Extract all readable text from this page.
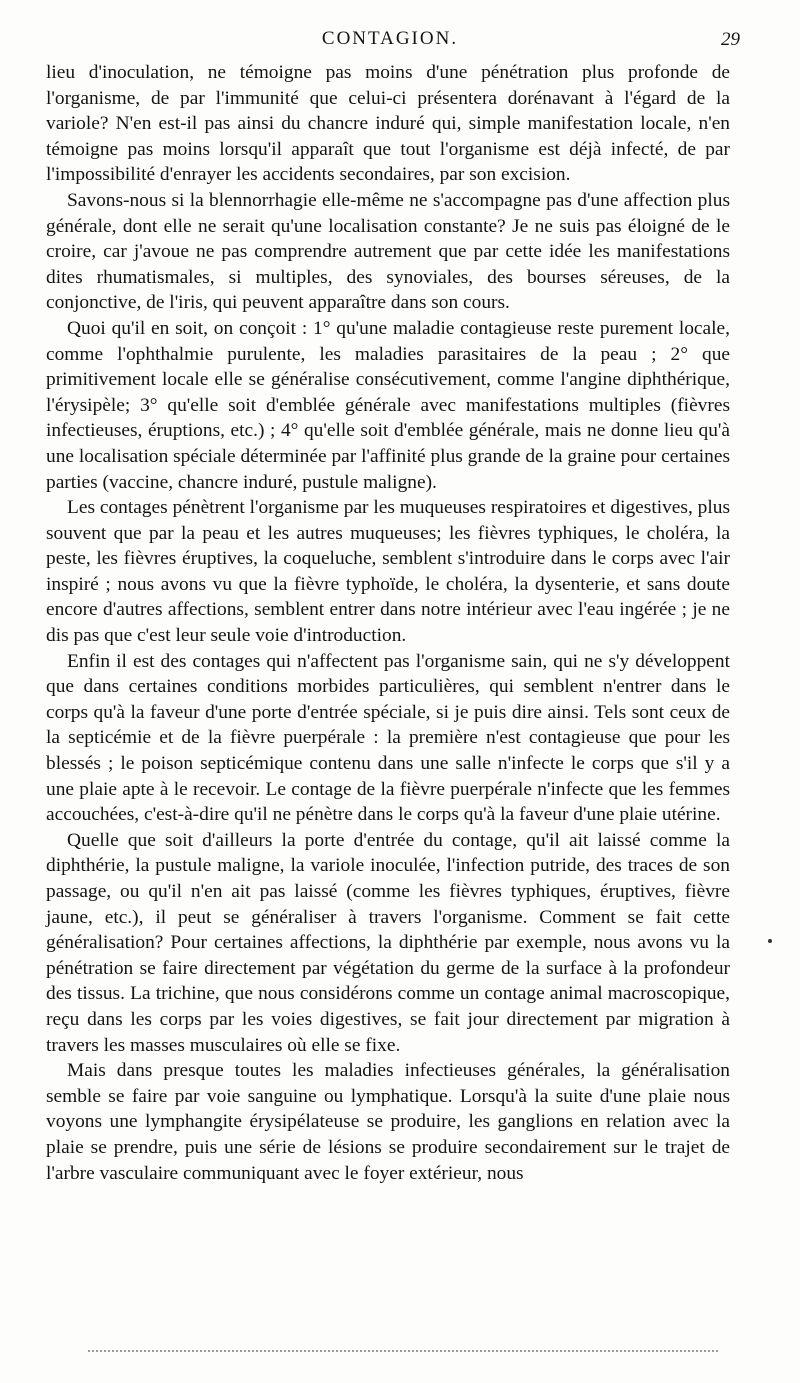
CONTAGION.	29

lieu d'inoculation, ne témoigne pas moins d'une pénétration plus profonde de l'organisme, de par l'immunité que celui-ci présentera dorénavant à l'égard de la variole? N'en est-il pas ainsi du chancre induré qui, simple manifestation locale, n'en témoigne pas moins lorsqu'il apparaît que tout l'organisme est déjà infecté, de par l'impossibilité d'enrayer les accidents secondaires, par son excision.

Savons-nous si la blennorrhagie elle-même ne s'accompagne pas d'une affection plus générale, dont elle ne serait qu'une localisation constante? Je ne suis pas éloigné de le croire, car j'avoue ne pas comprendre autrement que par cette idée les manifestations dites rhumatismales, si multiples, des synoviales, des bourses séreuses, de la conjonctive, de l'iris, qui peuvent apparaître dans son cours.

Quoi qu'il en soit, on conçoit : 1° qu'une maladie contagieuse reste purement locale, comme l'ophthalmie purulente, les maladies parasitaires de la peau ; 2° que primitivement locale elle se généralise consécutivement, comme l'angine diphthérique, l'érysipèle; 3° qu'elle soit d'emblée générale avec manifestations multiples (fièvres infectieuses, éruptions, etc.) ; 4° qu'elle soit d'emblée générale, mais ne donne lieu qu'à une localisation spéciale déterminée par l'affinité plus grande de la graine pour certaines parties (vaccine, chancre induré, pustule maligne).

Les contages pénètrent l'organisme par les muqueuses respiratoires et digestives, plus souvent que par la peau et les autres muqueuses; les fièvres typhiques, le choléra, la peste, les fièvres éruptives, la coqueluche, semblent s'introduire dans le corps avec l'air inspiré ; nous avons vu que la fièvre typhoïde, le choléra, la dysenterie, et sans doute encore d'autres affections, semblent entrer dans notre intérieur avec l'eau ingérée ; je ne dis pas que c'est leur seule voie d'introduction.

Enfin il est des contages qui n'affectent pas l'organisme sain, qui ne s'y développent que dans certaines conditions morbides particulières, qui semblent n'entrer dans le corps qu'à la faveur d'une porte d'entrée spéciale, si je puis dire ainsi. Tels sont ceux de la septicémie et de la fièvre puerpérale : la première n'est contagieuse que pour les blessés ; le poison septicémique contenu dans une salle n'infecte le corps que s'il y a une plaie apte à le recevoir. Le contage de la fièvre puerpérale n'infecte que les femmes accouchées, c'est-à-dire qu'il ne pénètre dans le corps qu'à la faveur d'une plaie utérine.

Quelle que soit d'ailleurs la porte d'entrée du contage, qu'il ait laissé comme la diphthérie, la pustule maligne, la variole inoculée, l'infection putride, des traces de son passage, ou qu'il n'en ait pas laissé (comme les fièvres typhiques, éruptives, fièvre jaune, etc.), il peut se généraliser à travers l'organisme. Comment se fait cette généralisation? Pour certaines affections, la diphthérie par exemple, nous avons vu la pénétration se faire directement par végétation du germe de la surface à la profondeur des tissus. La trichine, que nous considérons comme un contage animal macroscopique, reçu dans les corps par les voies digestives, se fait jour directement par migration à travers les masses musculaires où elle se fixe.

Mais dans presque toutes les maladies infectieuses générales, la généralisation semble se faire par voie sanguine ou lymphatique. Lorsqu'à la suite d'une plaie nous voyons une lymphangite érysipélateuse se produire, les ganglions en relation avec la plaie se prendre, puis une série de lésions se produire secondairement sur le trajet de l'arbre vasculaire communiquant avec le foyer extérieur, nous
